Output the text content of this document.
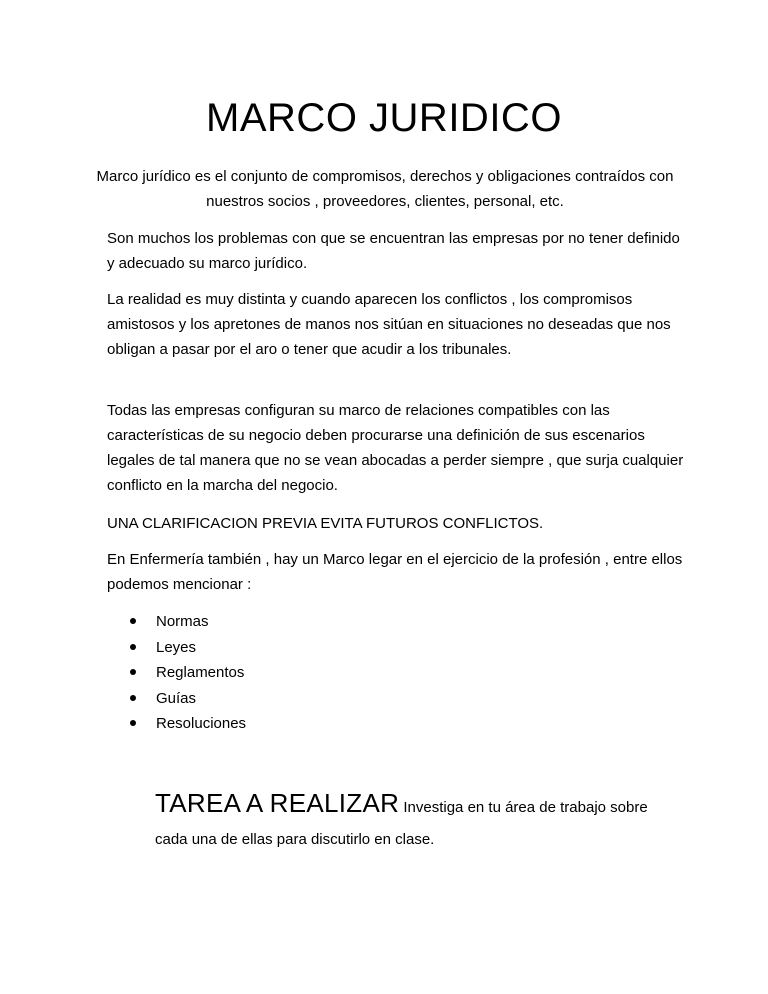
MARCO JURIDICO
Marco jurídico es el conjunto de compromisos, derechos y obligaciones contraídos con nuestros socios , proveedores, clientes, personal, etc.
Son muchos los problemas con que se encuentran las empresas por no tener definido y adecuado su marco jurídico.
La realidad es muy distinta y cuando aparecen los conflictos , los compromisos amistosos y los apretones de manos nos sitúan en situaciones no deseadas que nos obligan a pasar por el aro o tener que acudir a los tribunales.
Todas las empresas configuran su marco de relaciones compatibles con las características de su negocio deben procurarse una definición de sus escenarios legales de tal manera que no se vean abocadas a perder siempre , que surja cualquier conflicto en la marcha del negocio.
UNA CLARIFICACION PREVIA EVITA FUTUROS CONFLICTOS.
En Enfermería también , hay un Marco legar en el ejercicio de la profesión , entre ellos podemos mencionar :
Normas
Leyes
Reglamentos
Guías
Resoluciones
TAREA A REALIZAR Investiga en tu área de trabajo sobre cada una de ellas para discutirlo en clase.
